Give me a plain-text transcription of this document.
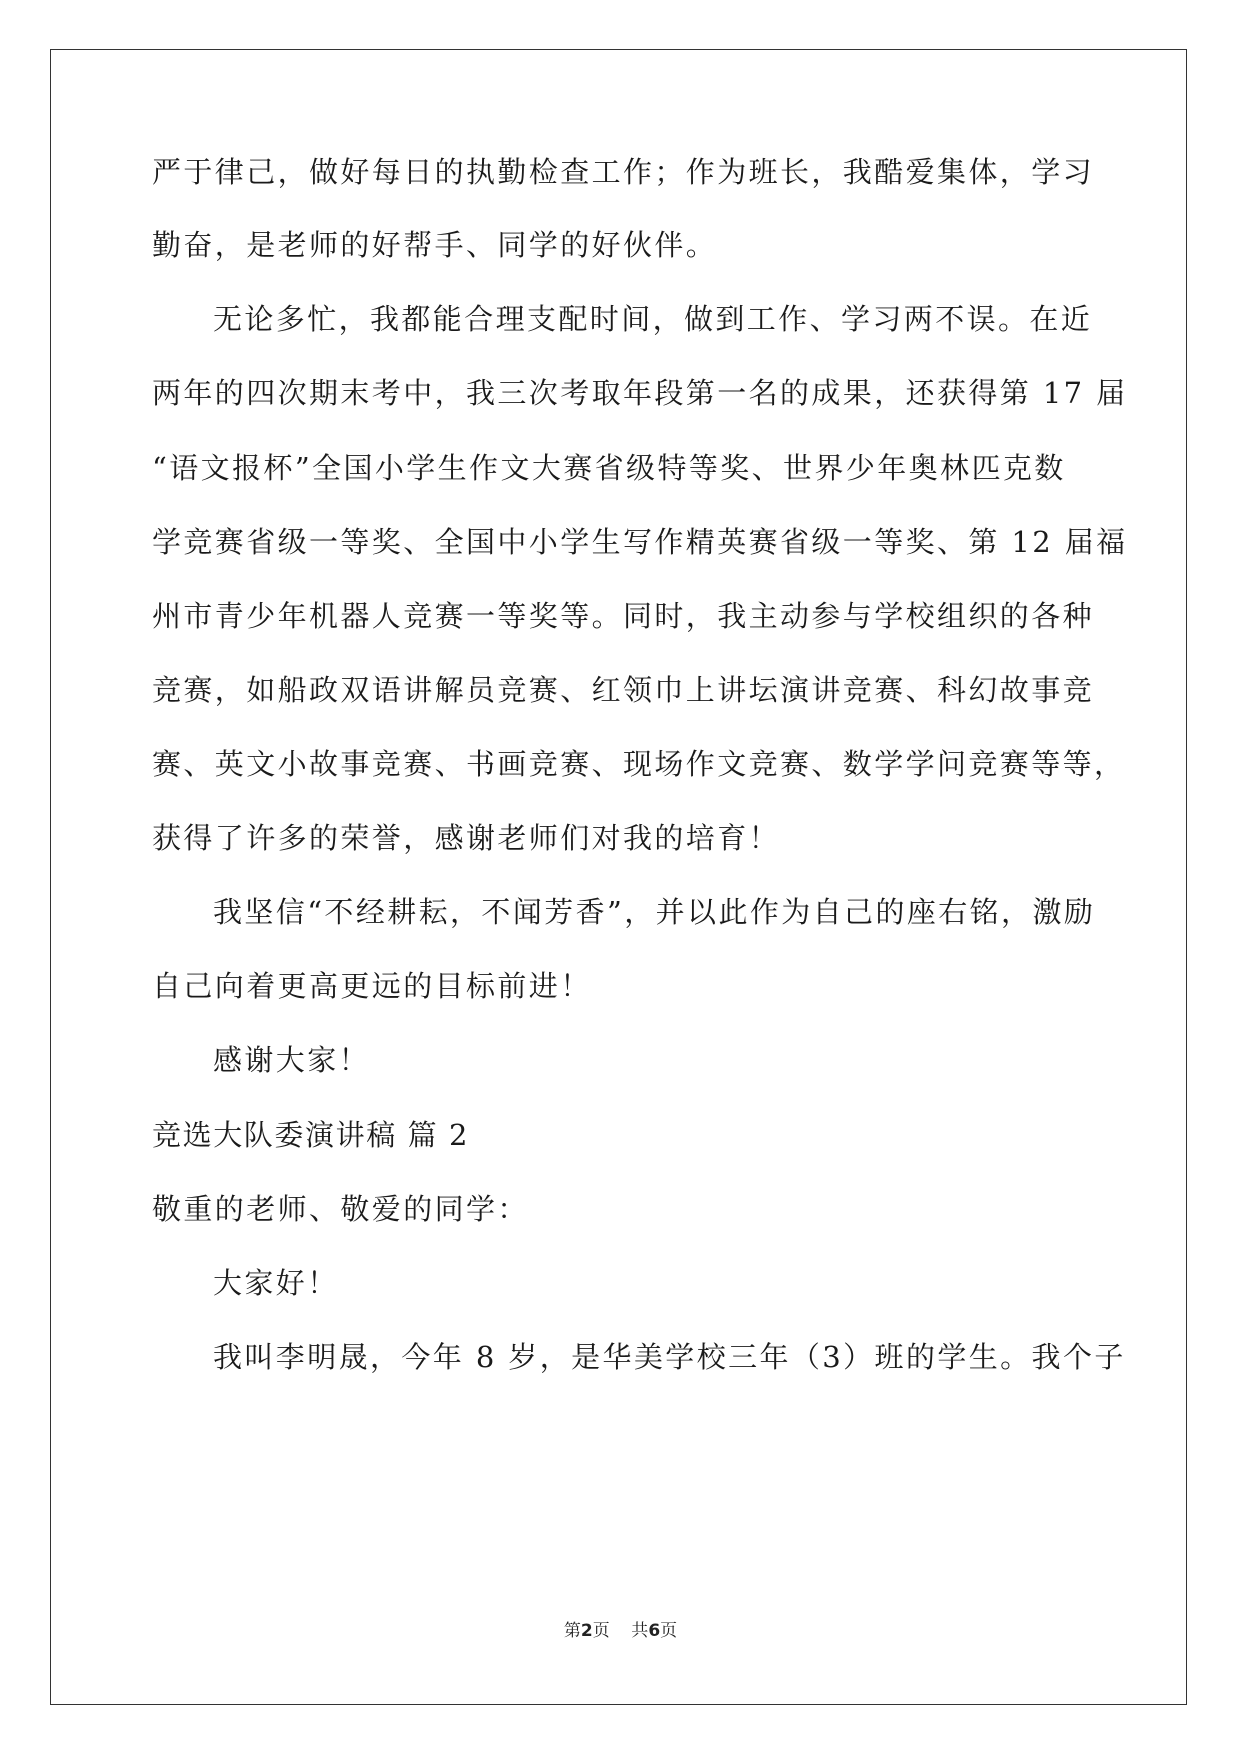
严于律己，做好每日的执勤检查工作；作为班长，我酷爱集体，学习
勤奋，是老师的好帮手、同学的好伙伴。
无论多忙，我都能合理支配时间，做到工作、学习两不误。在近
两年的四次期末考中，我三次考取年段第一名的成果，还获得第 17 届
“语文报杯”全国小学生作文大赛省级特等奖、世界少年奥林匹克数
学竞赛省级一等奖、全国中小学生写作精英赛省级一等奖、第 12 届福
州市青少年机器人竞赛一等奖等。同时，我主动参与学校组织的各种
竞赛，如船政双语讲解员竞赛、红领巾上讲坛演讲竞赛、科幻故事竞
赛、英文小故事竞赛、书画竞赛、现场作文竞赛、数学学问竞赛等等，
获得了许多的荣誉，感谢老师们对我的培育！
我坚信“不经耕耘，不闻芳香”，并以此作为自己的座右铭，激励
自己向着更高更远的目标前进！
感谢大家！
竞选大队委演讲稿 篇 2
敬重的老师、敬爱的同学：
大家好！
我叫李明晟，今年 8 岁，是华美学校三年（3）班的学生。我个子
第2页    共6页
